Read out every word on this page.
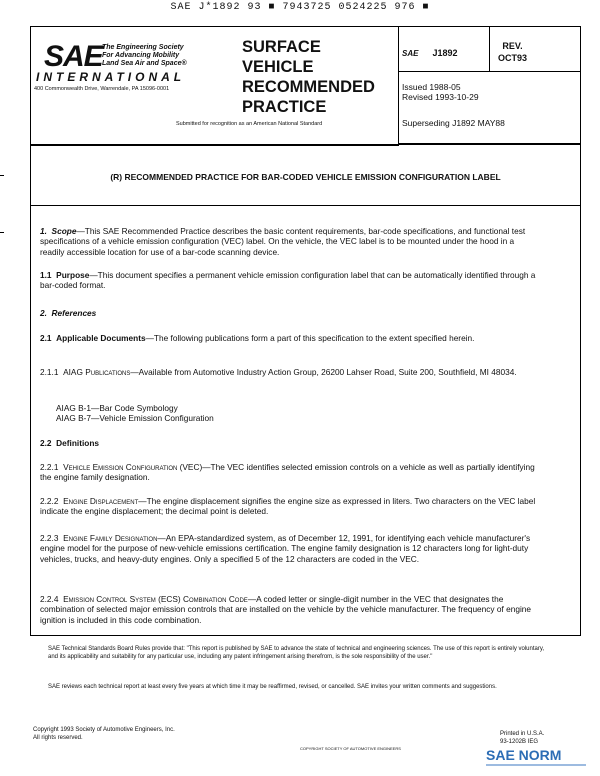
SAE J*1892 93 ■ 7943725 0524225 976 ■
SAE The Engineering Society
For Advancing Mobility
Land Sea Air and Space®
INTERNATIONAL
400 Commonwealth Drive, Warrendale, PA 15096-0001
SURFACE
VEHICLE
RECOMMENDED
PRACTICE
Submitted for recognition as an American National Standard
SAE J1892
REV.
OCT93
Issued 1988-05
Revised 1993-10-29
Superseding J1892 MAY88
(R) RECOMMENDED PRACTICE FOR BAR-CODED VEHICLE EMISSION CONFIGURATION LABEL
1. Scope—This SAE Recommended Practice describes the basic content requirements, bar-code specifications, and functional test specifications of a vehicle emission configuration (VEC) label. On the vehicle, the VEC label is to be mounted under the hood in a readily accessible location for use of a bar-code scanning device.
1.1 Purpose—This document specifies a permanent vehicle emission configuration label that can be automatically identified through a bar-coded format.
2. References
2.1 Applicable Documents—The following publications form a part of this specification to the extent specified herein.
2.1.1 AIAG Publications—Available from Automotive Industry Action Group, 26200 Lahser Road, Suite 200, Southfield, MI 48034.
AIAG B-1—Bar Code Symbology
AIAG B-7—Vehicle Emission Configuration
2.2 Definitions
2.2.1 Vehicle Emission Configuration (VEC)—The VEC identifies selected emission controls on a vehicle as well as partially identifying the engine family designation.
2.2.2 Engine Displacement—The engine displacement signifies the engine size as expressed in liters. Two characters on the VEC label indicate the engine displacement; the decimal point is deleted.
2.2.3 Engine Family Designation—An EPA-standardized system, as of December 12, 1991, for identifying each vehicle manufacturer's engine model for the purpose of new-vehicle emissions certification. The engine family designation is 12 characters long for light-duty vehicles, trucks, and heavy-duty engines. Only a specified 5 of the 12 characters are coded in the VEC.
2.2.4 Emission Control System (ECS) Combination Code—A coded letter or single-digit number in the VEC that designates the combination of selected major emission controls that are installed on the vehicle by the vehicle manufacturer. The frequency of engine ignition is included in this code combination.
SAE Technical Standards Board Rules provide that: "This report is published by SAE to advance the state of technical and engineering sciences. The use of this report is entirely voluntary, and its applicability and suitability for any particular use, including any patent infringement arising therefrom, is the sole responsibility of the user."
SAE reviews each technical report at least every five years at which time it may be reaffirmed, revised, or cancelled. SAE invites your written comments and suggestions.
Copyright 1993 Society of Automotive Engineers, Inc.
All rights reserved.
Printed in U.S.A.
93-1202B IEG
COPYRIGHT SOCIETY OF AUTOMOTIVE ENGINEERS	SAE NORM
